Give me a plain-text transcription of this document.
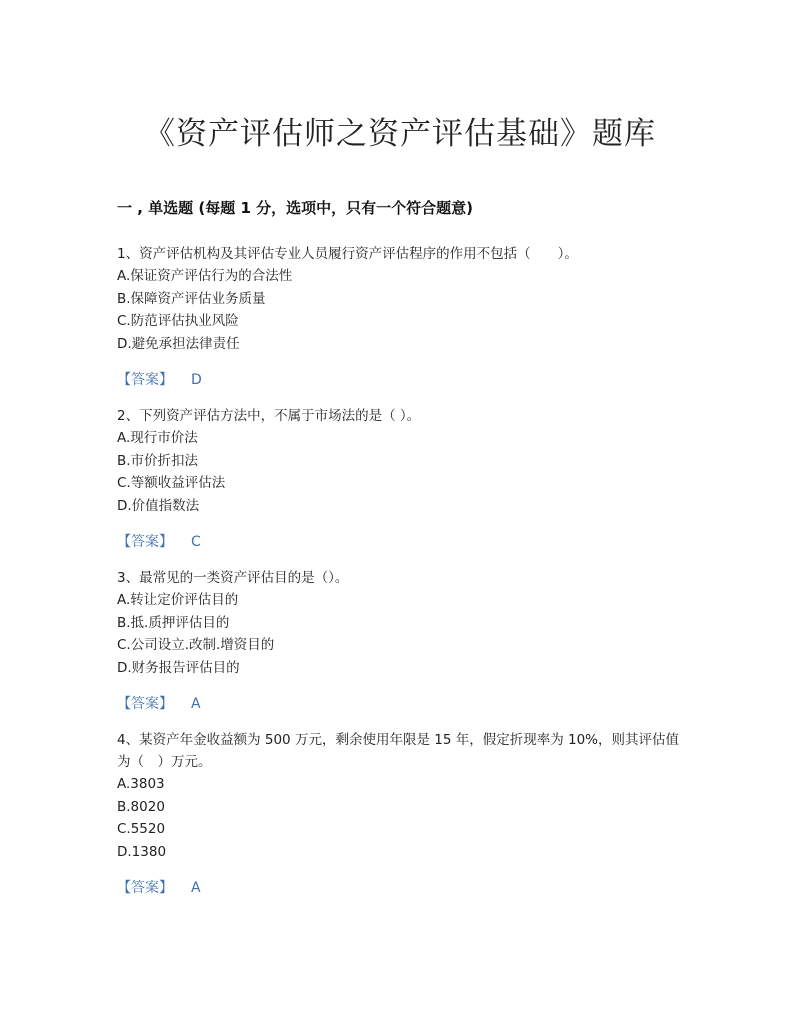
《资产评估师之资产评估基础》题库
一 , 单选题 (每题 1 分，选项中，只有一个符合题意)

1、资产评估机构及其评估专业人员履行资产评估程序的作用不包括（　　）。

A.保证资产评估行为的合法性

B.保障资产评估业务质量

C.防范评估执业风险

D.避免承担法律责任

【答案】 D

2、下列资产评估方法中，不属于市场法的是（ ）。

A.现行市价法

B.市价折扣法

C.等额收益评估法

D.价值指数法

【答案】 C

3、最常见的一类资产评估目的是（）。

A.转让定价评估目的

B.抵.质押评估目的

C.公司设立.改制.增资目的

D.财务报告评估目的

【答案】 A

4、某资产年金收益额为 500 万元，剩余使用年限是 15 年，假定折现率为 10%，则其评估值为（　）万元。

A.3803

B.8020

C.5520

D.1380

【答案】 A
